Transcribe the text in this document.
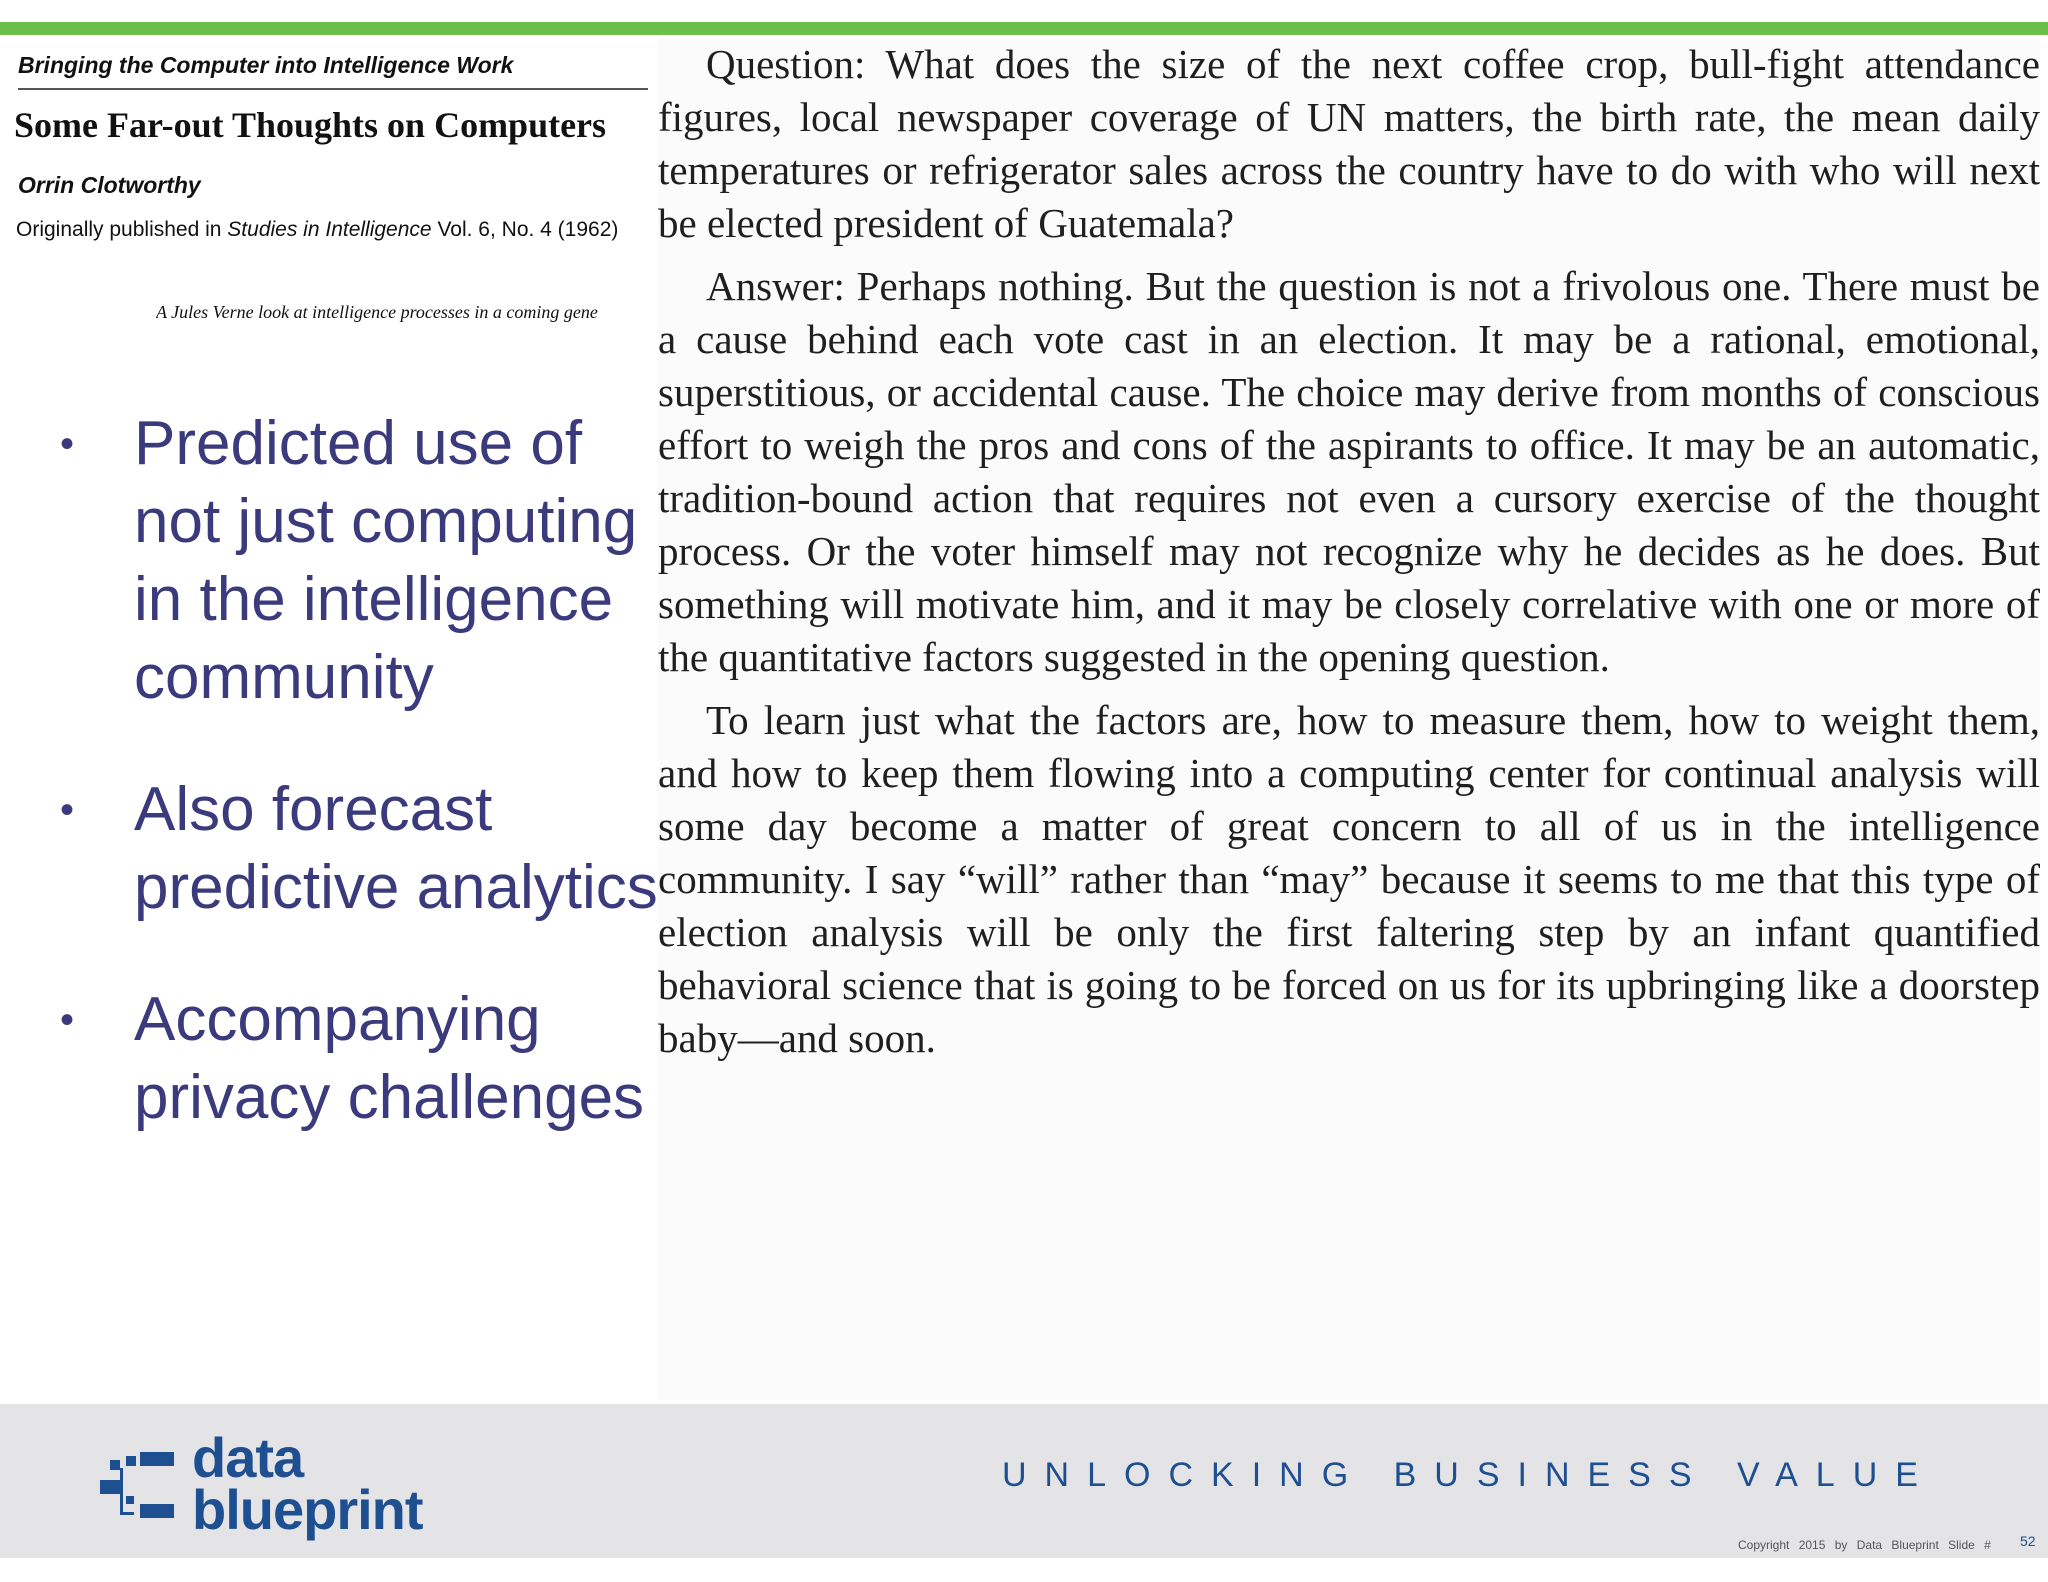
Bringing the Computer into Intelligence Work
Some Far-out Thoughts on Computers
Orrin Clotworthy
Originally published in Studies in Intelligence Vol. 6, No. 4 (1962)
A Jules Verne look at intelligence processes in a coming gene
• Predicted use of not just computing in the intelligence community
• Also forecast predictive analytics
• Accompanying privacy challenges

Question: What does the size of the next coffee crop, bull-fight attendance figures, local newspaper coverage of UN matters, the birth rate, the mean daily temperatures or refrigerator sales across the country have to do with who will next be elected president of Guatemala?

Answer: Perhaps nothing. But the question is not a frivolous one. There must be a cause behind each vote cast in an election. It may be a rational, emotional, superstitious, or accidental cause. The choice may derive from months of conscious effort to weigh the pros and cons of the aspirants to office. It may be an automatic, tradition-bound action that requires not even a cursory exercise of the thought process. Or the voter himself may not recognize why he decides as he does. But something will motivate him, and it may be closely correlative with one or more of the quantitative factors suggested in the opening question.

To learn just what the factors are, how to measure them, how to weight them, and how to keep them flowing into a computing center for continual analysis will some day become a matter of great concern to all of us in the intelligence community. I say “will” rather than “may” because it seems to me that this type of election analysis will be only the first faltering step by an infant quantified behavioral science that is going to be forced on us for its upbringing like a doorstep baby—and soon.

data
blueprint
UNLOCKING BUSINESS VALUE
Copyright 2015 by Data Blueprint Slide # 52
